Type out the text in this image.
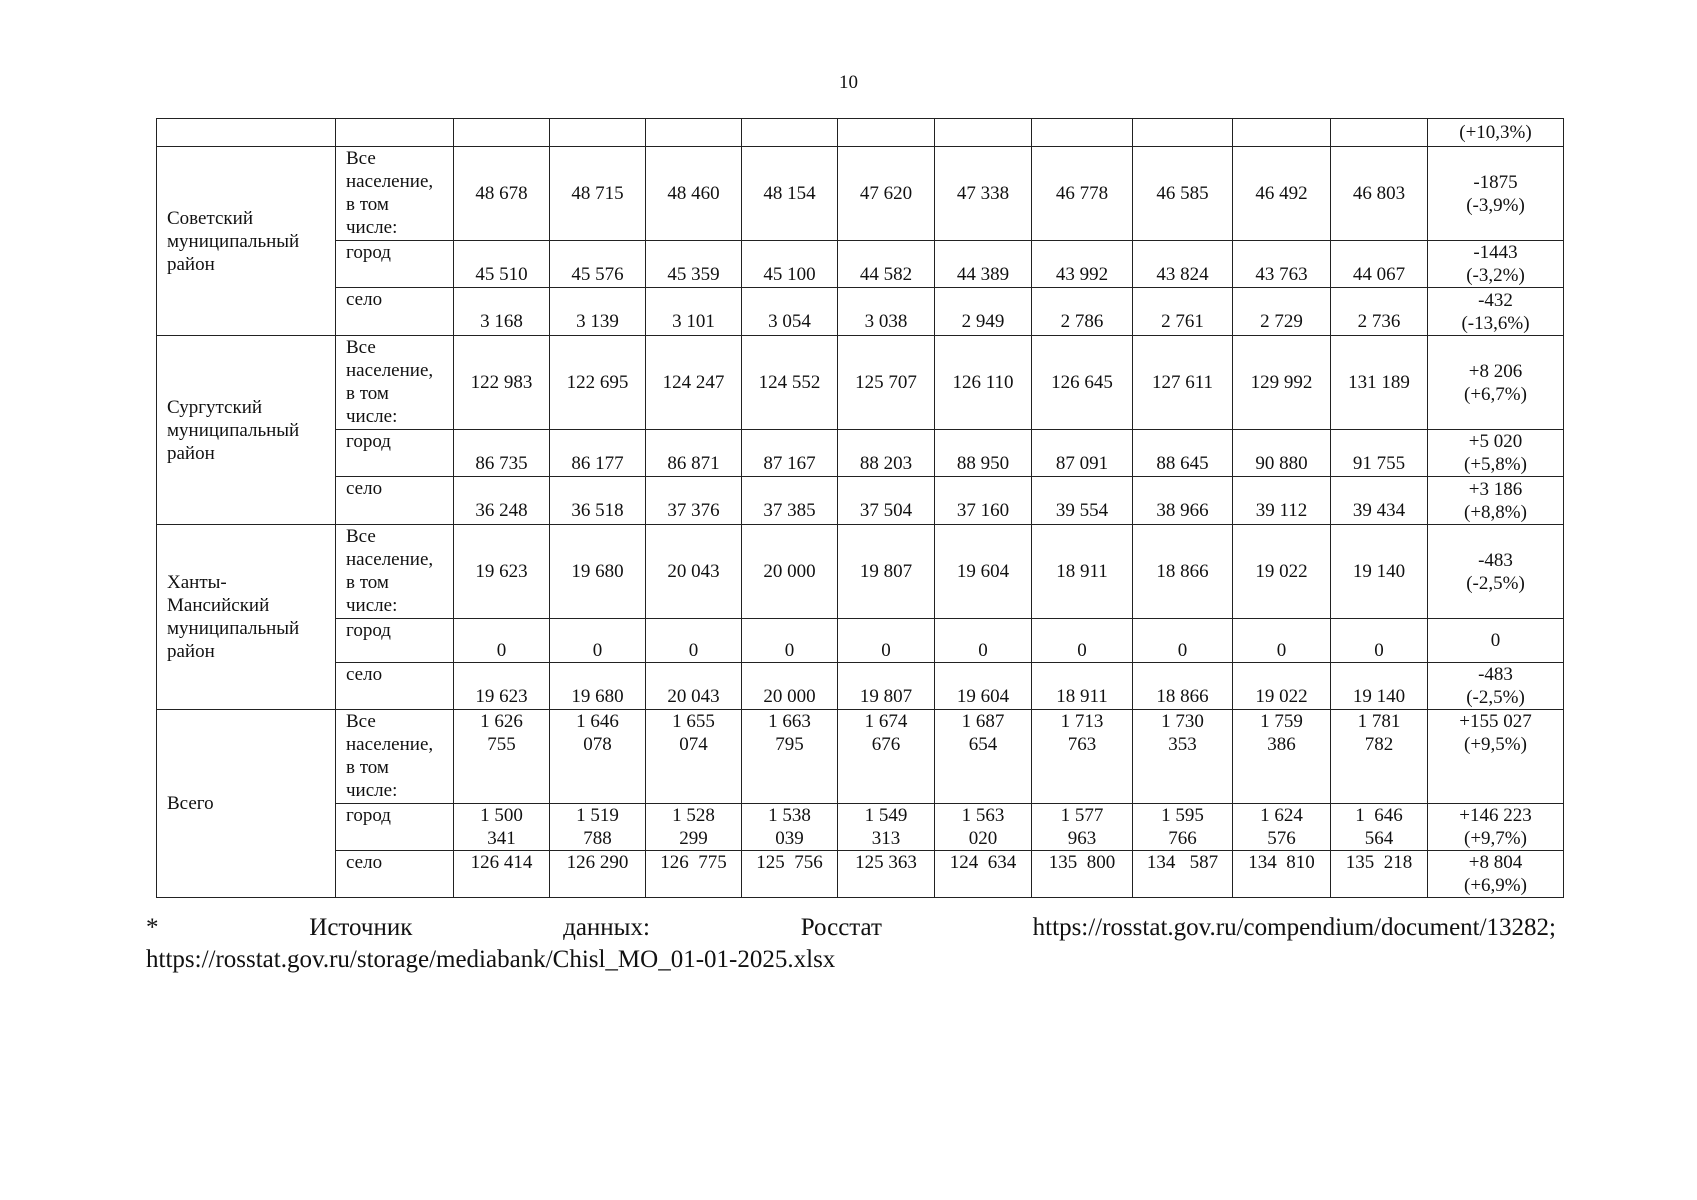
10
												(+10,3%)
Советский
муниципальный
район	Все
население,
в том
числе:	48 678	48 715	48 460	48 154	47 620	47 338	46 778	46 585	46 492	46 803	-1875
(-3,9%)
	город	45 510	45 576	45 359	45 100	44 582	44 389	43 992	43 824	43 763	44 067	-1443
(-3,2%)
	село	3 168	3 139	3 101	3 054	3 038	2 949	2 786	2 761	2 729	2 736	-432
(-13,6%)
Сургутский
муниципальный
район	Все
население,
в том
числе:	122 983	122 695	124 247	124 552	125 707	126 110	126 645	127 611	129 992	131 189	+8 206
(+6,7%)
	город	86 735	86 177	86 871	87 167	88 203	88 950	87 091	88 645	90 880	91 755	+5 020
(+5,8%)
	село	36 248	36 518	37 376	37 385	37 504	37 160	39 554	38 966	39 112	39 434	+3 186
(+8,8%)
Ханты-
Мансийский
муниципальный
район	Все
население,
в том
числе:	19 623	19 680	20 043	20 000	19 807	19 604	18 911	18 866	19 022	19 140	-483
(-2,5%)
	город	0	0	0	0	0	0	0	0	0	0	0
	село	19 623	19 680	20 043	20 000	19 807	19 604	18 911	18 866	19 022	19 140	-483
(-2,5%)
Всего	Все
население,
в том
числе:	1 626
755	1 646
078	1 655
074	1 663
795	1 674
676	1 687
654	1 713
763	1 730
353	1 759
386	1 781
782	+155 027
(+9,5%)
	город	1 500
341	1 519
788	1 528
299	1 538
039	1 549
313	1 563
020	1 577
963	1 595
766	1 624
576	1  646
564	+146 223
(+9,7%)
	село	126 414	126 290	126  775	125  756	125 363	124  634	135  800	134   587	134  810	135  218	+8 804
(+6,9%)
*	Источник	данных:	Росстат	https://rosstat.gov.ru/compendium/document/13282;
https://rosstat.gov.ru/storage/mediabank/Chisl_MO_01-01-2025.xlsx
